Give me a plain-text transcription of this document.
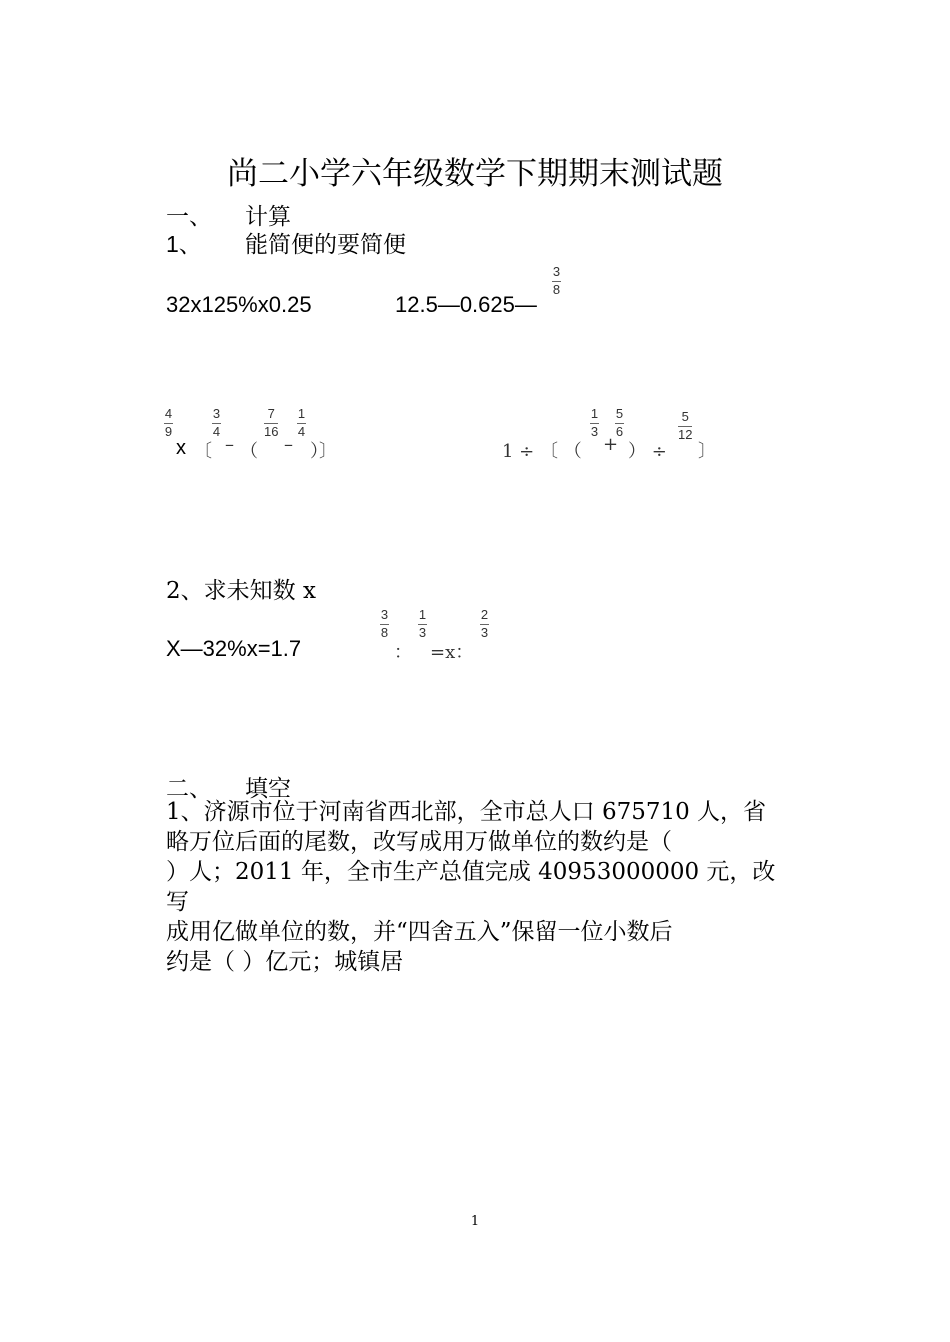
尚二小学六年级数学下期期末测试题
一、 计算
1、 能简便的要简便
32x125%x0.25	12.5—0.625—
3
8
4
9
x 〔
3
4
– （
7
16
–
1
4
）〕	1 ÷ 〔 （
1
3
+
5
6
） ÷
5
12
〕
2、求未知数 x
X—32%x=1.7
3
8
：
1
3
=x：
2
3
二、 填空
1、济源市位于河南省西北部，全市总人口 675710 人，省
略万位后面的尾数，改写成用万做单位的数约是（
）人；2011 年，全市生产总值完成 40953000000 元，改写
成用亿做单位的数，并“四舍五入”保留一位小数后
约是（ ）亿元；城镇居
1
